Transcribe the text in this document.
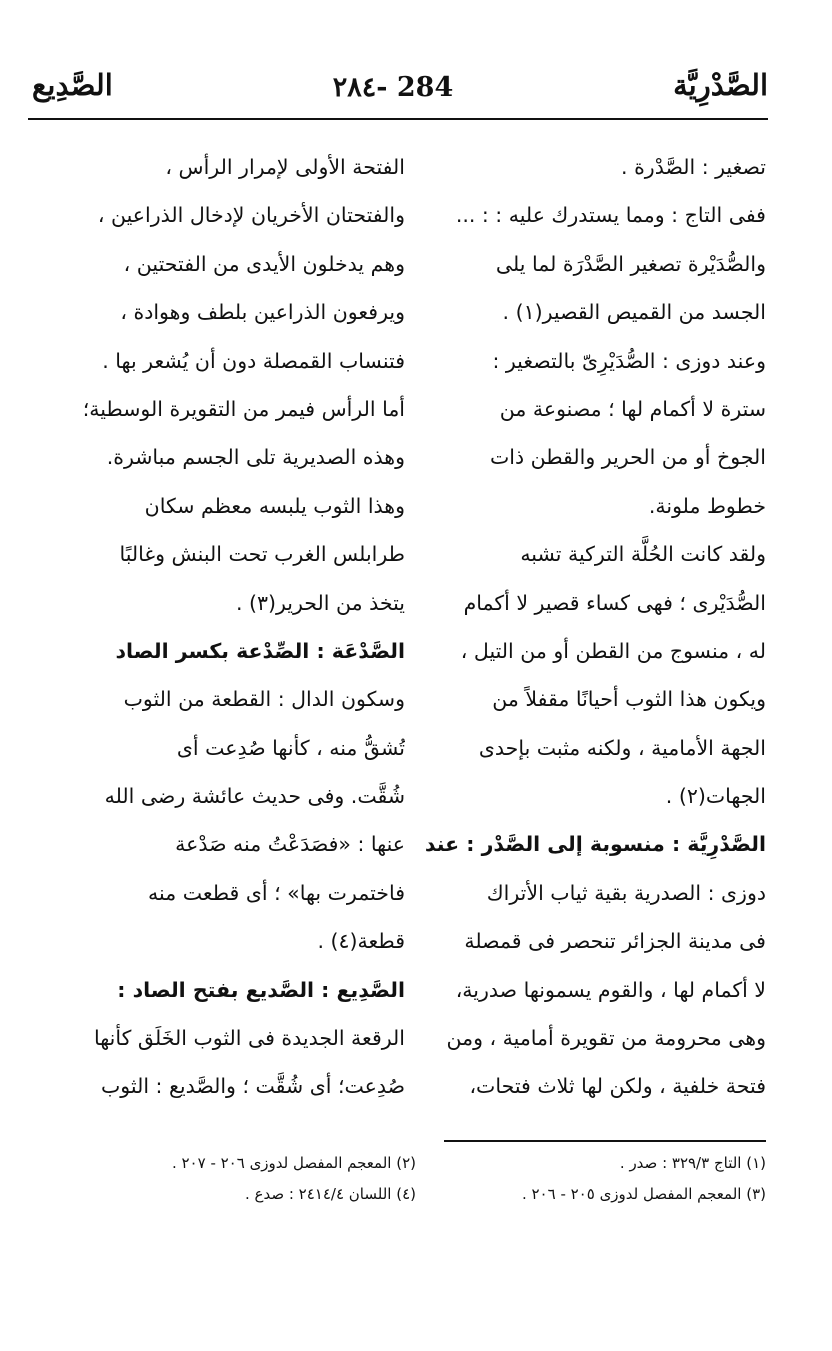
الصَّدْرِيَّة
٢٨٤- 284
الصَّدِيع
تصغير : الصَّدْرة .
ففى التاج : ومما يستدرك عليه : : ...
والصُّدَيْرة تصغير الصَّدْرَة لما يلى
الجسد من القميص القصير(١) .
وعند دوزى : الصُّدَيْرِىّ بالتصغير :
سترة لا أكمام لها ؛ مصنوعة من
الجوخ أو من الحرير والقطن ذات
خطوط ملونة.
ولقد كانت الحُلَّة التركية تشبه
الصُّدَيْرى ؛ فهى كساء قصير لا أكمام
له ، منسوج من القطن أو من التيل ،
ويكون هذا الثوب أحيانًا مقفلاً من
الجهة الأمامية ، ولكنه مثبت بإحدى
الجهات(٢) .
الصَّدْرِيَّة : منسوبة إلى الصَّدْر : عند
دوزى : الصدرية بقية ثياب الأتراك
فى مدينة الجزائر تنحصر فى قمصلة
لا أكمام لها ، والقوم يسمونها صدرية،
وهى محرومة من تقويرة أمامية ، ومن
فتحة خلفية ، ولكن لها ثلاث فتحات،
الفتحة الأولى لإمرار الرأس ،
والفتحتان الأخريان لإدخال الذراعين ،
وهم يدخلون الأيدى من الفتحتين ،
ويرفعون الذراعين بلطف وهوادة ،
فتنساب القمصلة دون أن يُشعر بها .
أما الرأس فيمر من التقويرة الوسطية؛
وهذه الصديرية تلى الجسم مباشرة.
وهذا الثوب يلبسه معظم سكان
طرابلس الغرب تحت البنش وغالبًا
يتخذ من الحرير(٣) .
الصَّدْعَة : الصِّدْعة بكسر الصاد
وسكون الدال : القطعة من الثوب
تُشقُّ منه ، كأنها صُدِعت أى
شُقَّت. وفى حديث عائشة رضى الله
عنها : «فصَدَعْتُ منه صَدْعة
فاختمرت بها» ؛ أى قطعت منه
قطعة(٤) .
الصَّدِيع : الصَّديع بفتح الصاد :
الرقعة الجديدة فى الثوب الخَلَق كأنها
صُدِعت؛ أى شُقَّت ؛ والصَّديع : الثوب
(١) التاج ٣٢٩/٣ : صدر .
(٢) المعجم المفصل لدوزى ٢٠٦ - ٢٠٧ .
(٣) المعجم المفصل لدوزى ٢٠٥ - ٢٠٦ .
(٤) اللسان ٢٤١٤/٤ : صدع .
